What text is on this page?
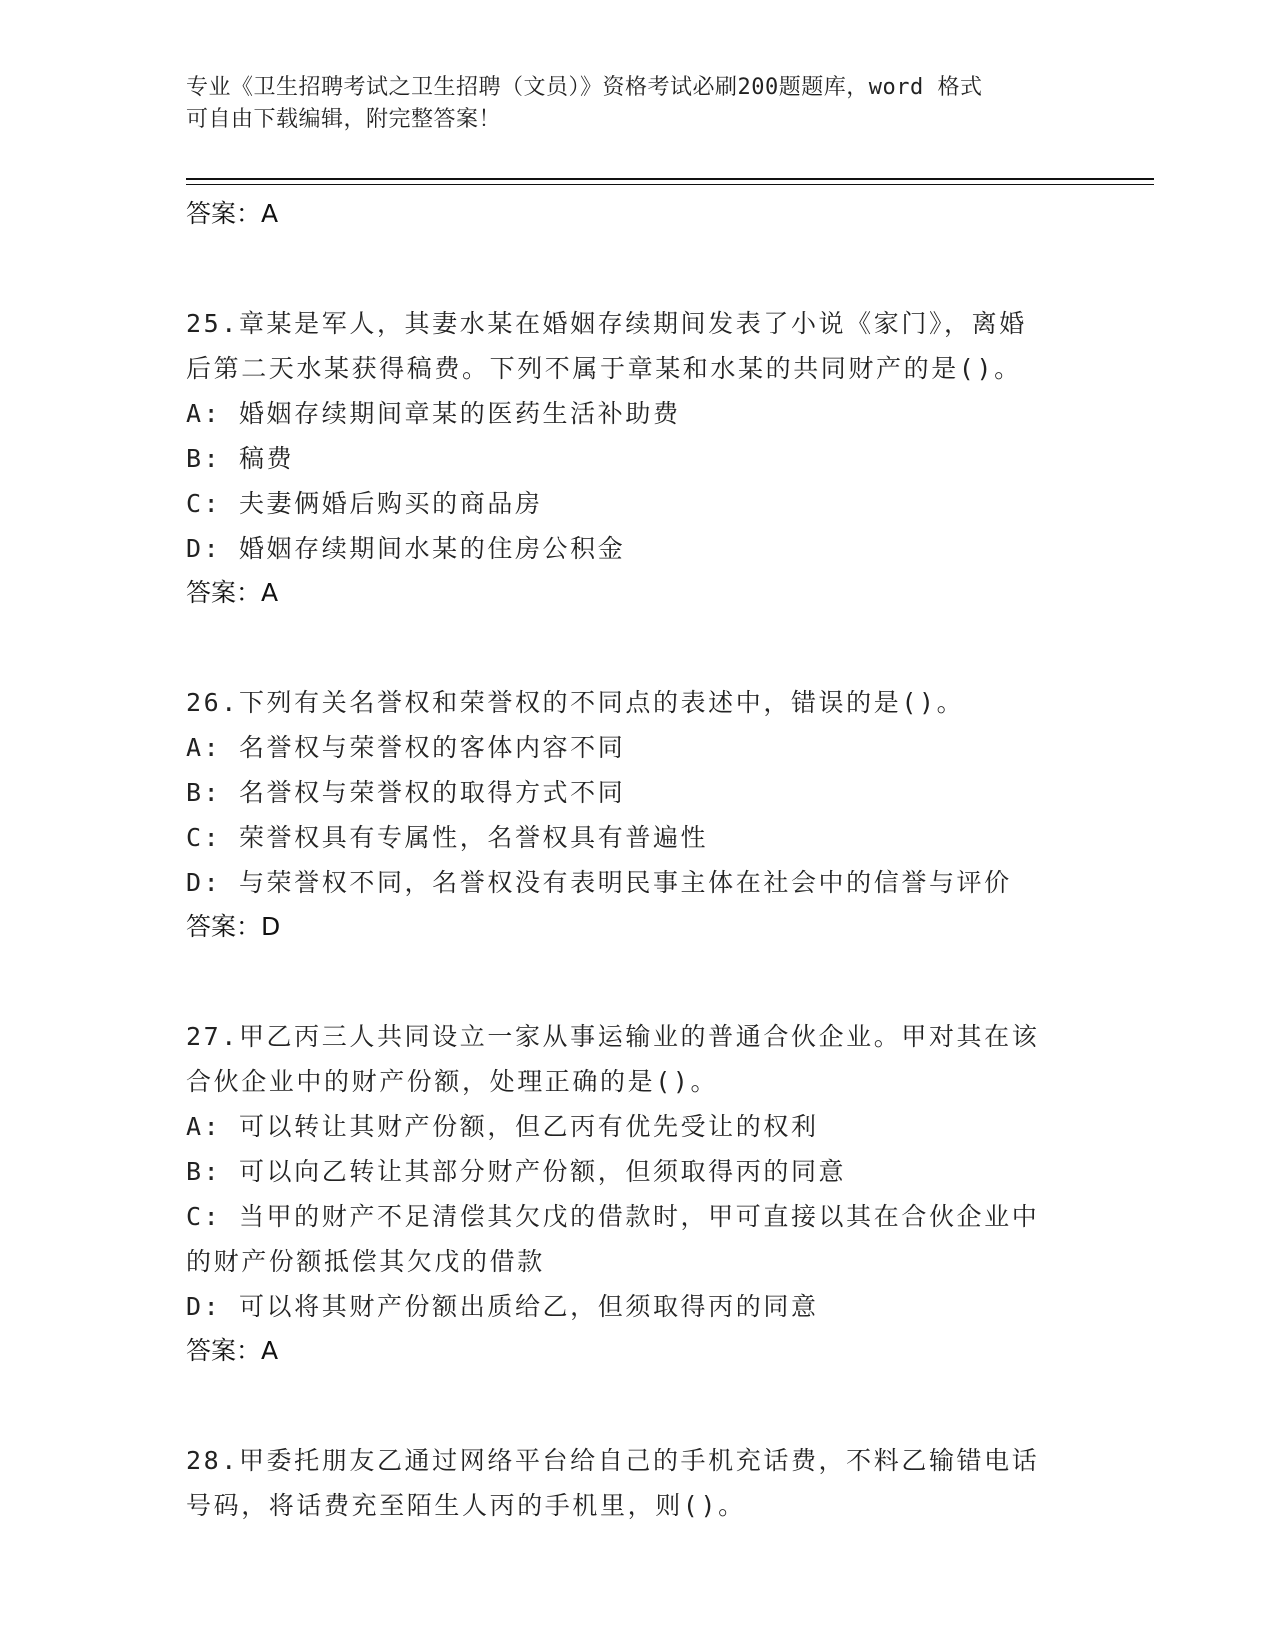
专业《卫生招聘考试之卫生招聘（文员）》资格考试必刷200题题库，word 格式
可自由下载编辑，附完整答案！
答案：A
25.章某是军人，其妻水某在婚姻存续期间发表了小说《家门》，离婚
后第二天水某获得稿费。下列不属于章某和水某的共同财产的是()。
A: 婚姻存续期间章某的医药生活补助费
B: 稿费
C: 夫妻俩婚后购买的商品房
D: 婚姻存续期间水某的住房公积金
答案：A
26.下列有关名誉权和荣誉权的不同点的表述中，错误的是()。
A: 名誉权与荣誉权的客体内容不同
B: 名誉权与荣誉权的取得方式不同
C: 荣誉权具有专属性，名誉权具有普遍性
D: 与荣誉权不同，名誉权没有表明民事主体在社会中的信誉与评价
答案：D
27.甲乙丙三人共同设立一家从事运输业的普通合伙企业。甲对其在该
合伙企业中的财产份额，处理正确的是()。
A: 可以转让其财产份额，但乙丙有优先受让的权利
B: 可以向乙转让其部分财产份额，但须取得丙的同意
C: 当甲的财产不足清偿其欠戊的借款时，甲可直接以其在合伙企业中
的财产份额抵偿其欠戊的借款
D: 可以将其财产份额出质给乙，但须取得丙的同意
答案：A
28.甲委托朋友乙通过网络平台给自己的手机充话费，不料乙输错电话
号码，将话费充至陌生人丙的手机里，则()。
